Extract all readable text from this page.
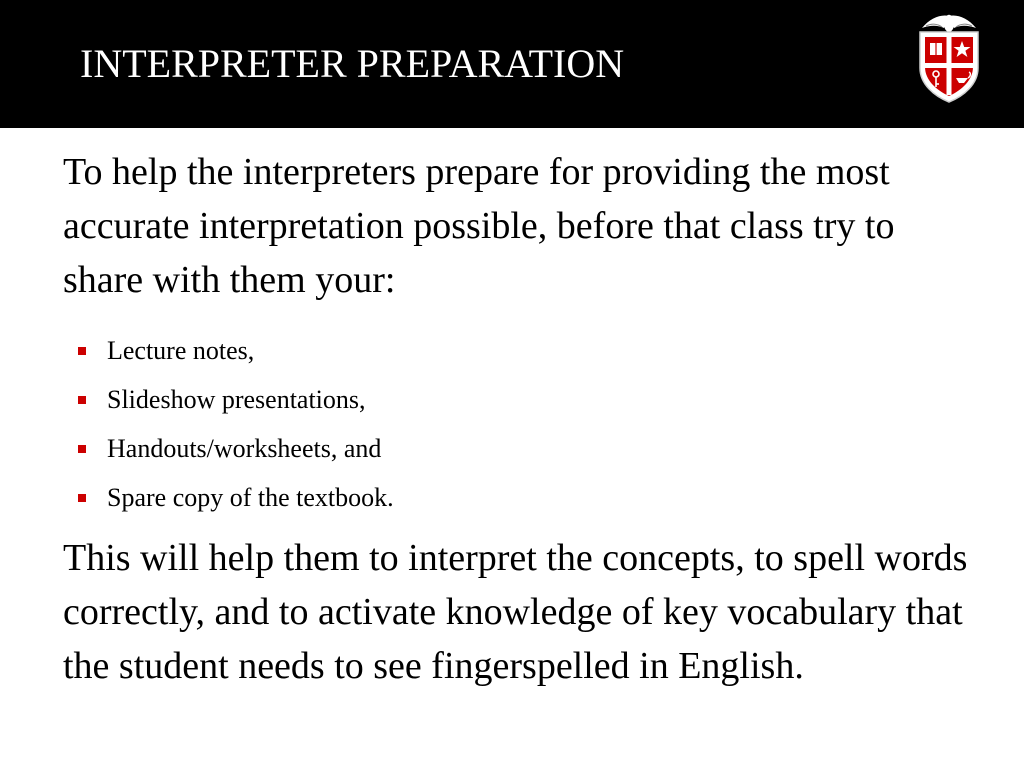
INTERPRETER PREPARATION

To help the interpreters prepare for providing the most accurate interpretation possible, before that class try to share with them your:

Lecture notes,
Slideshow presentations,
Handouts/worksheets, and
Spare copy of the textbook.

This will help them to interpret the concepts, to spell words correctly, and to activate knowledge of key vocabulary that the student needs to see fingerspelled in English.
